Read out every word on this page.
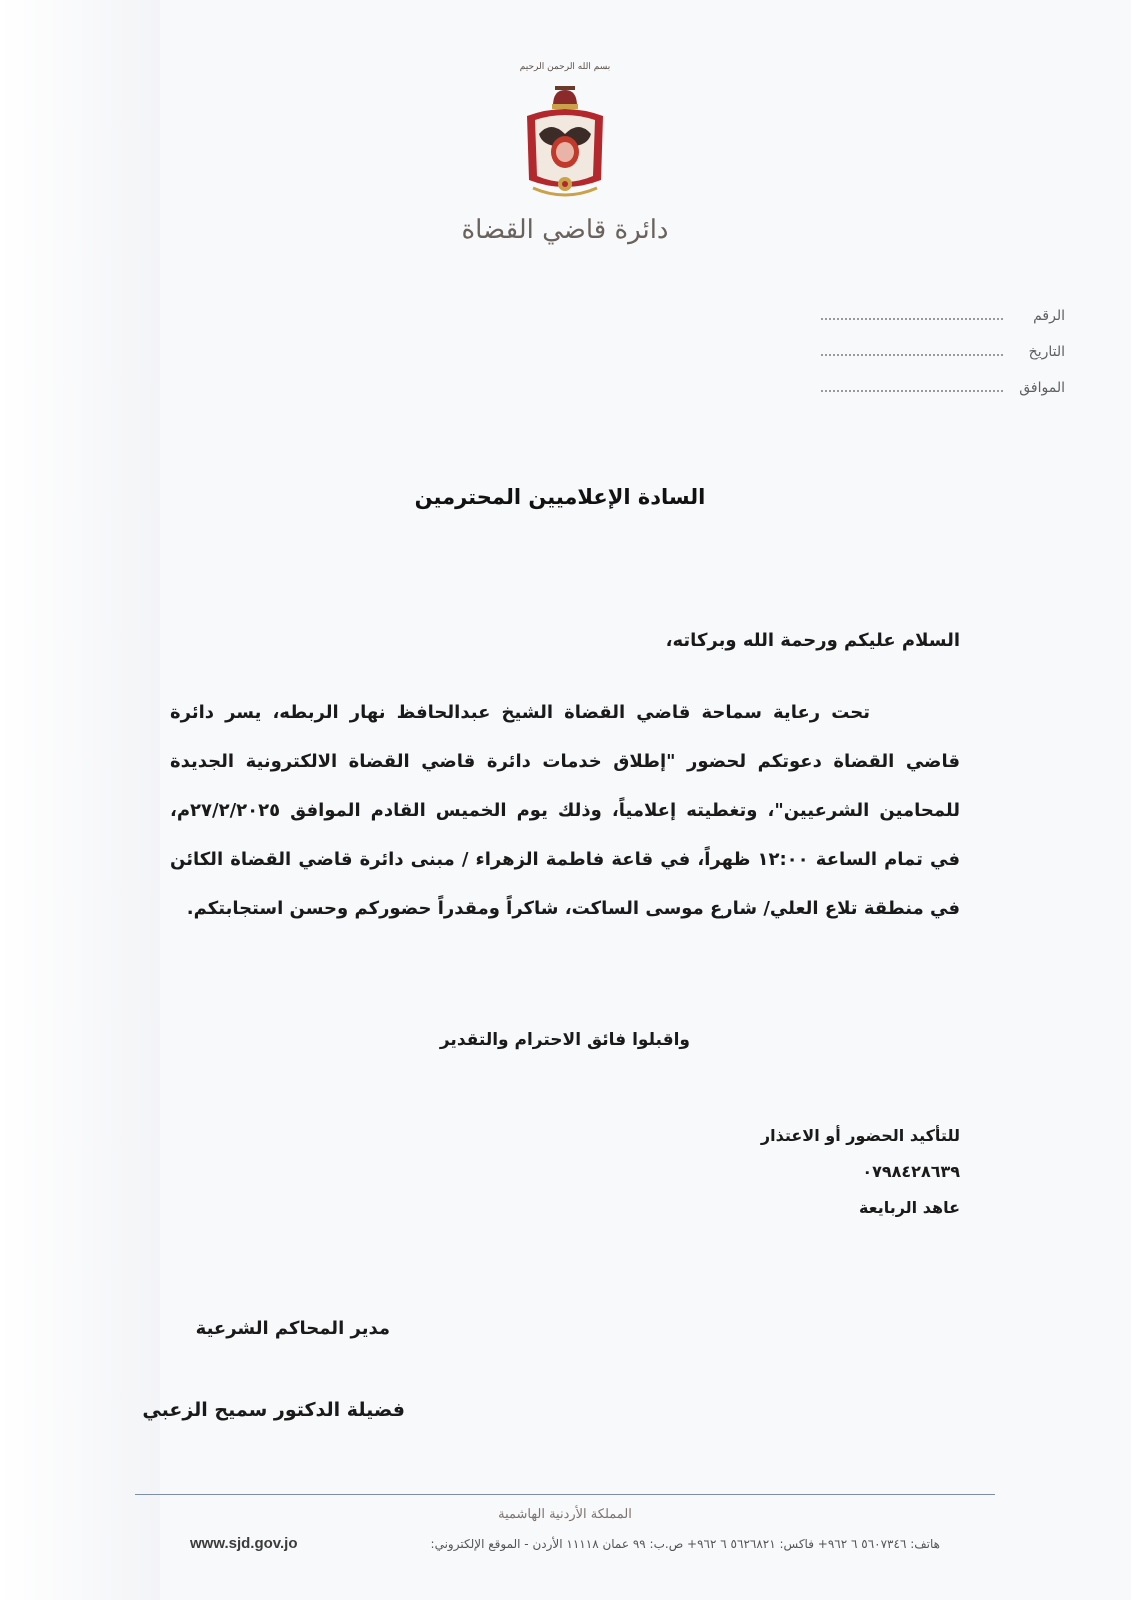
بسم الله الرحمن الرحيم
دائرة قاضي القضاة
الرقم
التاريخ
الموافق
السادة الإعلاميين المحترمين
السلام عليكم ورحمة الله وبركاته،
تحت رعاية سماحة قاضي القضاة الشيخ عبدالحافظ نهار الربطه، يسر دائرة قاضي القضاة دعوتكم لحضور "إطلاق خدمات دائرة قاضي القضاة الالكترونية الجديدة للمحامين الشرعيين"، وتغطيته إعلامياً، وذلك يوم الخميس القادم الموافق ٢٧/٢/٢٠٢٥م، في تمام الساعة ١٢:٠٠ ظهراً، في قاعة فاطمة الزهراء / مبنى دائرة قاضي القضاة الكائن في منطقة تلاع العلي/ شارع موسى الساكت، شاكراً ومقدراً حضوركم وحسن استجابتكم.
واقبلوا فائق الاحترام والتقدير
للتأكيد الحضور أو الاعتذار
٠٧٩٨٤٢٨٦٣٩
عاهد الربايعة
مدير المحاكم الشرعية
فضيلة الدكتور سميح الزعبي
المملكة الأردنية الهاشمية
www.sjd.gov.jo	هاتف: ٥٦٠٧٣٤٦ ٦ ٩٦٢+ فاكس: ٥٦٢٦٨٢١ ٦ ٩٦٢+ ص.ب: ٩٩ عمان ١١١١٨ الأردن - الموقع الإلكتروني:
